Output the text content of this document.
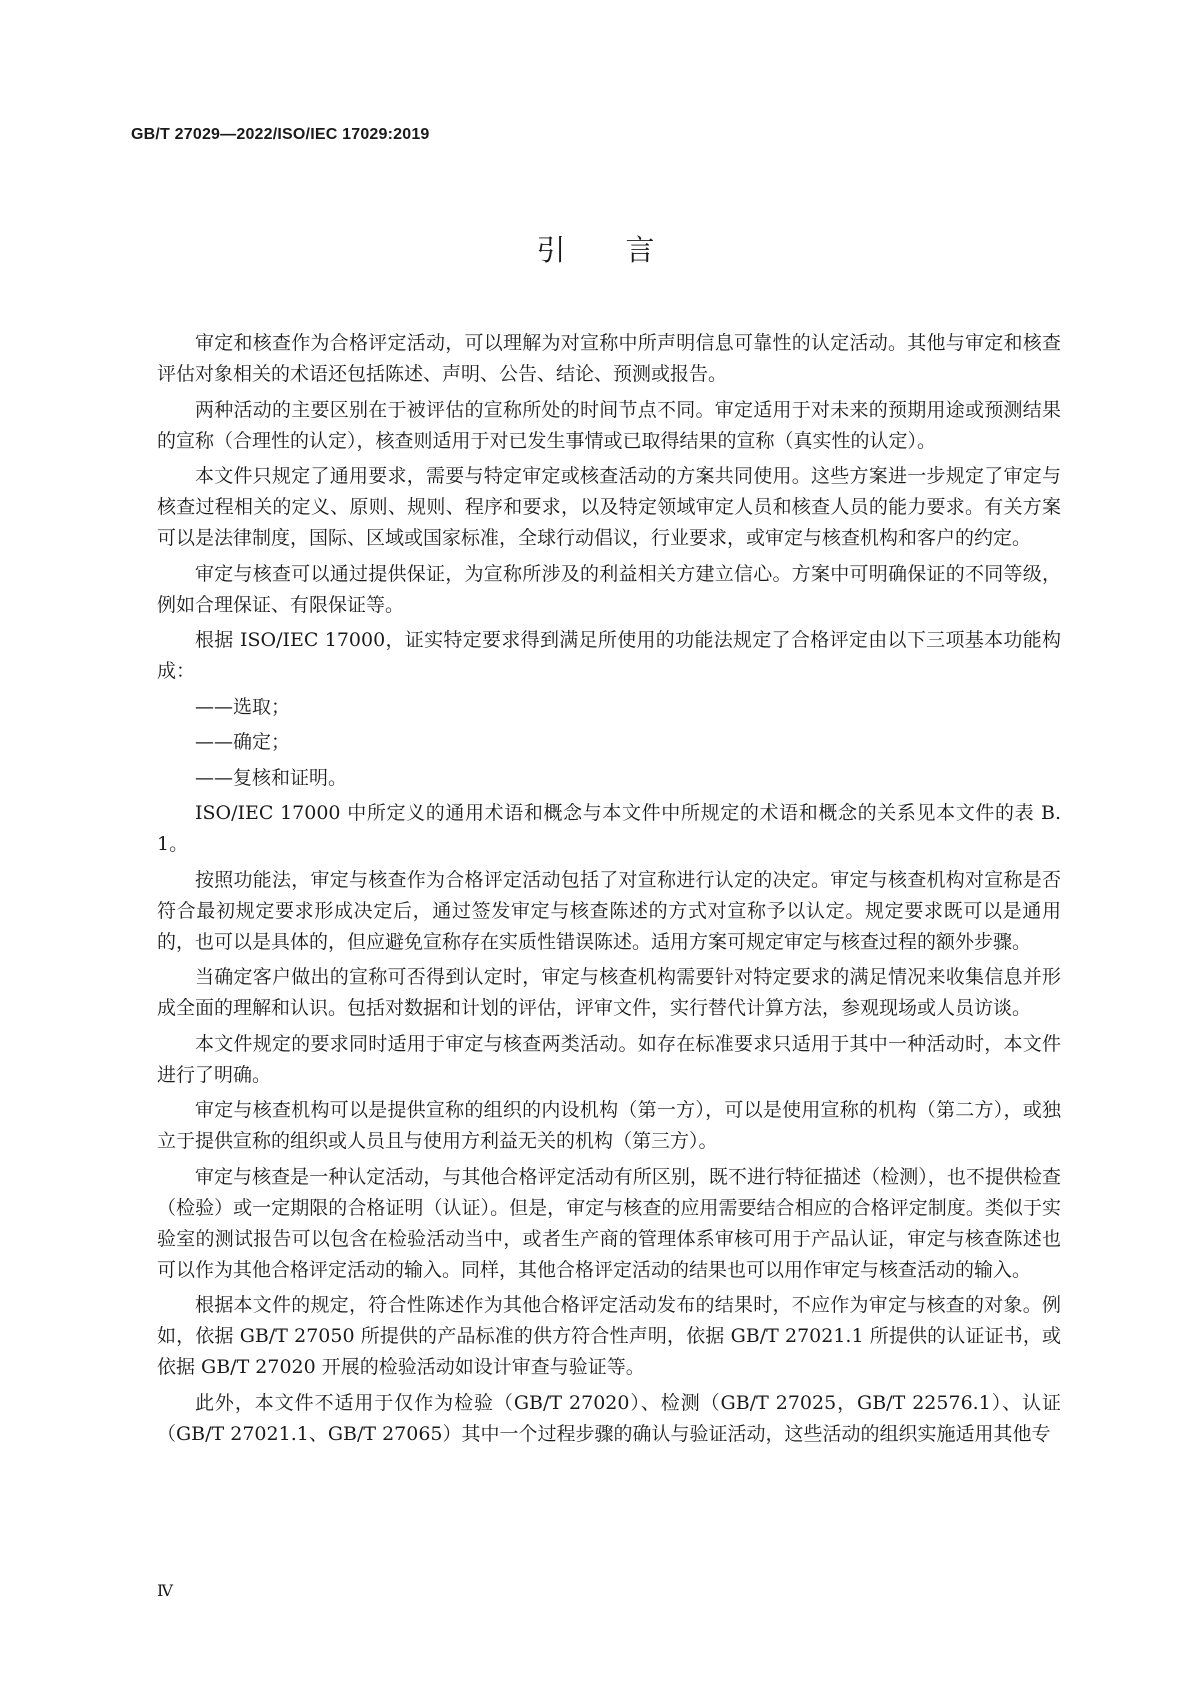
GB/T 27029—2022/ISO/IEC 17029:2019
引言

审定和核查作为合格评定活动，可以理解为对宣称中所声明信息可靠性的认定活动。其他与审定和核查评估对象相关的术语还包括陈述、声明、公告、结论、预测或报告。

两种活动的主要区别在于被评估的宣称所处的时间节点不同。审定适用于对未来的预期用途或预测结果的宣称（合理性的认定），核查则适用于对已发生事情或已取得结果的宣称（真实性的认定）。

本文件只规定了通用要求，需要与特定审定或核查活动的方案共同使用。这些方案进一步规定了审定与核查过程相关的定义、原则、规则、程序和要求，以及特定领域审定人员和核查人员的能力要求。有关方案可以是法律制度，国际、区域或国家标准，全球行动倡议，行业要求，或审定与核查机构和客户的约定。

审定与核查可以通过提供保证，为宣称所涉及的利益相关方建立信心。方案中可明确保证的不同等级，例如合理保证、有限保证等。

根据 ISO/IEC 17000，证实特定要求得到满足所使用的功能法规定了合格评定由以下三项基本功能构成：

——选取；

——确定；

——复核和证明。

ISO/IEC 17000 中所定义的通用术语和概念与本文件中所规定的术语和概念的关系见本文件的表 B.1。

按照功能法，审定与核查作为合格评定活动包括了对宣称进行认定的决定。审定与核查机构对宣称是否符合最初规定要求形成决定后，通过签发审定与核查陈述的方式对宣称予以认定。规定要求既可以是通用的，也可以是具体的，但应避免宣称存在实质性错误陈述。适用方案可规定审定与核查过程的额外步骤。

当确定客户做出的宣称可否得到认定时，审定与核查机构需要针对特定要求的满足情况来收集信息并形成全面的理解和认识。包括对数据和计划的评估，评审文件，实行替代计算方法，参观现场或人员访谈。

本文件规定的要求同时适用于审定与核查两类活动。如存在标准要求只适用于其中一种活动时，本文件进行了明确。

审定与核查机构可以是提供宣称的组织的内设机构（第一方），可以是使用宣称的机构（第二方），或独立于提供宣称的组织或人员且与使用方利益无关的机构（第三方）。

审定与核查是一种认定活动，与其他合格评定活动有所区别，既不进行特征描述（检测），也不提供检查（检验）或一定期限的合格证明（认证）。但是，审定与核查的应用需要结合相应的合格评定制度。类似于实验室的测试报告可以包含在检验活动当中，或者生产商的管理体系审核可用于产品认证，审定与核查陈述也可以作为其他合格评定活动的输入。同样，其他合格评定活动的结果也可以用作审定与核查活动的输入。

根据本文件的规定，符合性陈述作为其他合格评定活动发布的结果时，不应作为审定与核查的对象。例如，依据 GB/T 27050 所提供的产品标准的供方符合性声明，依据 GB/T 27021.1 所提供的认证证书，或依据 GB/T 27020 开展的检验活动如设计审查与验证等。

此外，本文件不适用于仅作为检验（GB/T 27020）、检测（GB/T 27025，GB/T 22576.1）、认证（GB/T 27021.1、GB/T 27065）其中一个过程步骤的确认与验证活动，这些活动的组织实施适用其他专

Ⅳ
